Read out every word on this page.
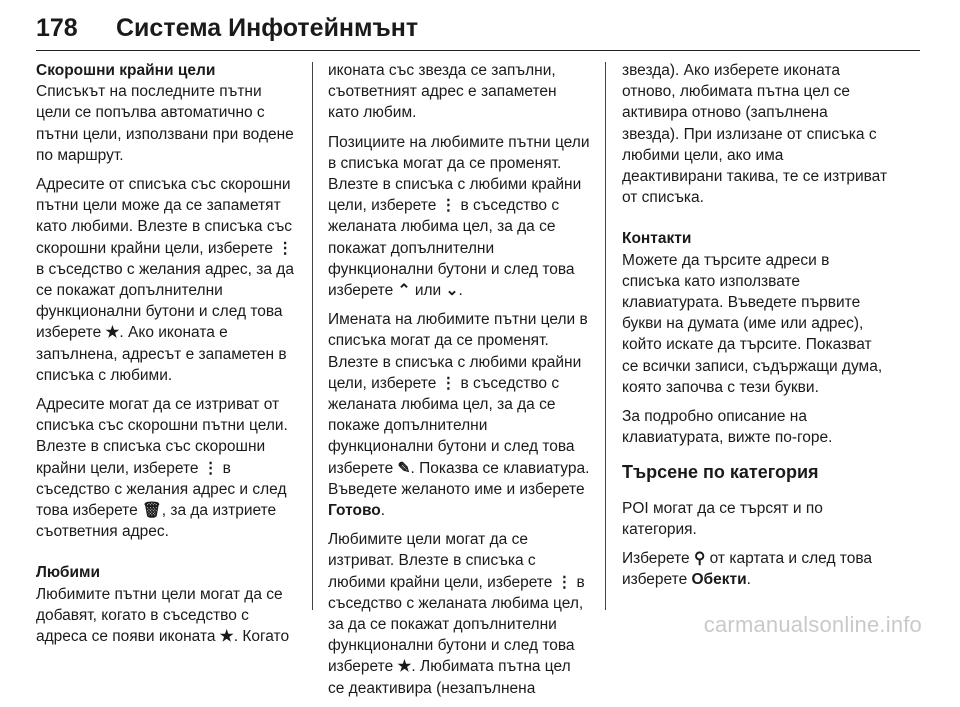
178 Система Инфотейнмънт
Скорошни крайни цели

Списъкът на последните пътни цели се попълва автоматично с пътни цели, използвани при водене по маршрут.

Адресите от списъка със скорошни пътни цели може да се запаметят като любими. Влезте в списъка със скорошни крайни цели, изберете ⋮ в съседство с желания адрес, за да се покажат допълнителни функционални бутони и след това изберете ★. Ако иконата е запълнена, адресът е запаметен в списъка с любими.

Адресите могат да се изтриват от списъка със скорошни пътни цели. Влезте в списъка със скорошни крайни цели, изберете ⋮ в съседство с желания адрес и след това изберете 🗑, за да изтриете съответния адрес.

Любими

Любимите пътни цели могат да се добавят, когато в съседство с адреса се появи иконата ★. Когато

иконата със звезда се запълни, съответният адрес е запаметен като любим.

Позициите на любимите пътни цели в списъка могат да се променят. Влезте в списъка с любими крайни цели, изберете ⋮ в съседство с желаната любима цел, за да се покажат допълнителни функционални бутони и след това изберете ⌃ или ⌄.

Имената на любимите пътни цели в списъка могат да се променят. Влезте в списъка с любими крайни цели, изберете ⋮ в съседство с желаната любима цел, за да се покаже допълнителни функционални бутони и след това изберете ✎. Показва се клавиатура. Въведете желаното име и изберете Готово.

Любимите цели могат да се изтриват. Влезте в списъка с любими крайни цели, изберете ⋮ в съседство с желаната любима цел, за да се покажат допълнителни функционални бутони и след това изберете ★. Любимата пътна цел се деактивира (незапълнена

звезда). Ако изберете иконата отново, любимата пътна цел се активира отново (запълнена звезда). При излизане от списъка с любими цели, ако има деактивирани такива, те се изтриват от списъка.

Контакти

Можете да търсите адреси в списъка като използвате клавиатурата. Въведете първите букви на думата (име или адрес), който искате да търсите. Показват се всички записи, съдържащи дума, която започва с тези букви.

За подробно описание на клавиатурата, вижте по-горе.

Търсене по категория

POI могат да се търсят и по категория.

Изберете ⚲ от картата и след това изберете Обекти.

carmanualsonline.info
